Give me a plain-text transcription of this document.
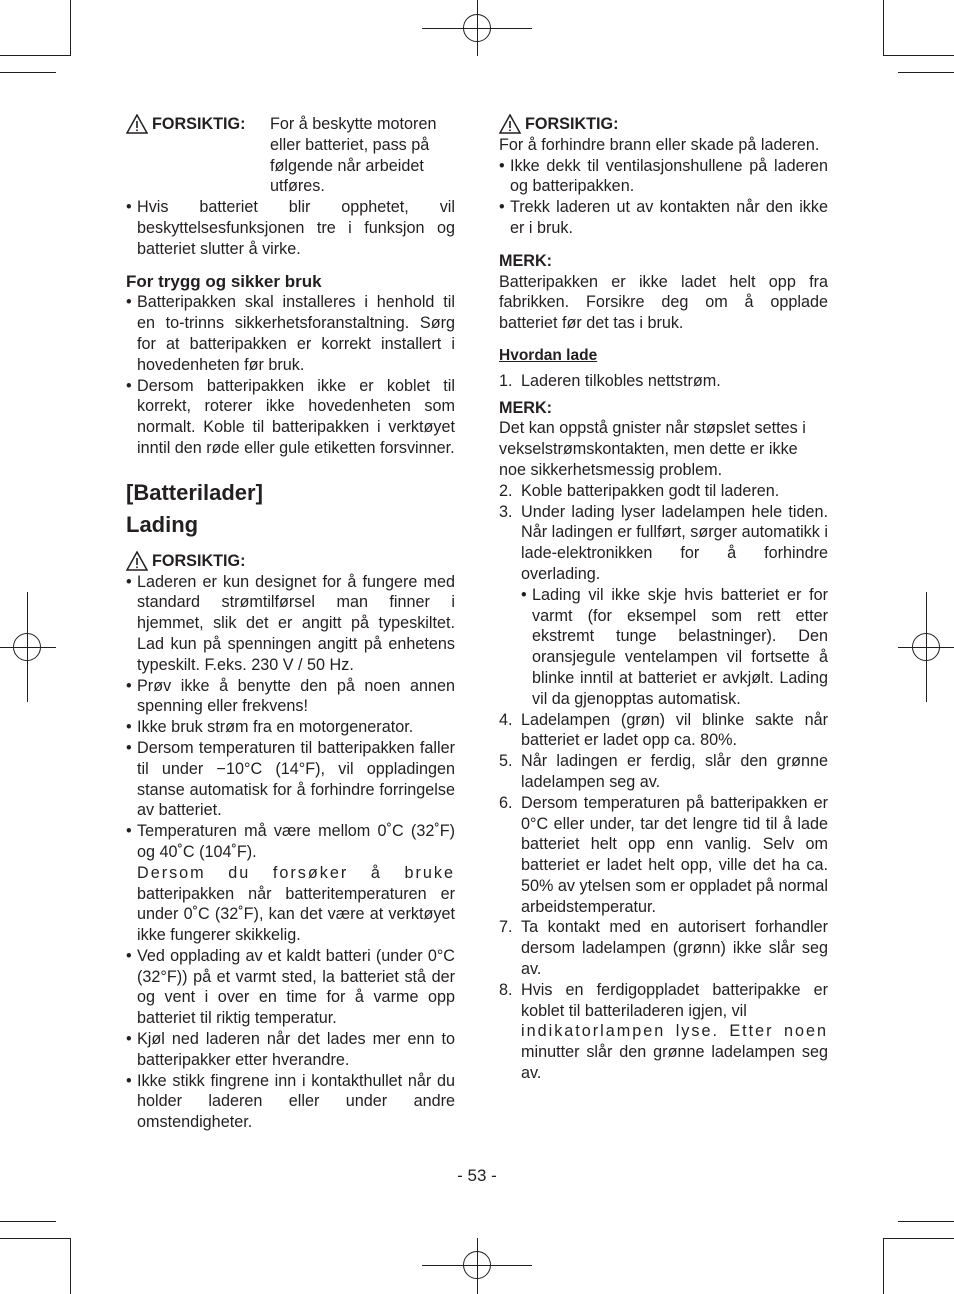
FORSIKTIG: For å beskytte motoren eller batteriet, pass på følgende når arbeidet utføres.
• Hvis batteriet blir opphetet, vil beskyttelsesfunksjonen tre i funksjon og batteriet slutter å virke.
For trygg og sikker bruk
• Batteripakken skal installeres i henhold til en to-trinns sikkerhetsforanstaltning. Sørg for at batteripakken er korrekt installert i hovedenheten før bruk.
• Dersom batteripakken ikke er koblet til korrekt, roterer ikke hovedenheten som normalt. Koble til batteripakken i verktøyet inntil den røde eller gule etiketten forsvinner.
[Batterilader]
Lading
FORSIKTIG:
• Laderen er kun designet for å fungere med standard strømtilførsel man finner i hjemmet, slik det er angitt på typeskiltet. Lad kun på spenningen angitt på enhetens typeskilt. F.eks. 230 V / 50 Hz.
• Prøv ikke å benytte den på noen annen spenning eller frekvens!
• Ikke bruk strøm fra en motorgenerator.
• Dersom temperaturen til batteripakken faller til under −10°C (14°F), vil oppladingen stanse automatisk for å forhindre forringelse av batteriet.
• Temperaturen må være mellom 0˚C (32˚F) og 40˚C (104˚F).
Dersom du forsøker å bruke
batteripakken når batteritemperaturen er under 0˚C (32˚F), kan det være at verktøyet ikke fungerer skikkelig.
• Ved opplading av et kaldt batteri (under 0°C (32°F)) på et varmt sted, la batteriet stå der og vent i over en time for å varme opp batteriet til riktig temperatur.
• Kjøl ned laderen når det lades mer enn to batteripakker etter hverandre.
• Ikke stikk fingrene inn i kontakthullet når du holder laderen eller under andre omstendigheter.
FORSIKTIG:
For å forhindre brann eller skade på laderen.
• Ikke dekk til ventilasjonshullene på laderen og batteripakken.
• Trekk laderen ut av kontakten når den ikke er i bruk.
MERK:
Batteripakken er ikke ladet helt opp fra fabrikken. Forsikre deg om å opplade batteriet før det tas i bruk.
Hvordan lade
1. Laderen tilkobles nettstrøm.
MERK:
Det kan oppstå gnister når støpslet settes i vekselstrømskontakten, men dette er ikke noe sikkerhetsmessig problem.
2. Koble batteripakken godt til laderen.
3. Under lading lyser ladelampen hele tiden. Når ladingen er fullført, sørger automatikk i lade-elektronikken for å forhindre overlading.
• Lading vil ikke skje hvis batteriet er for varmt (for eksempel som rett etter ekstremt tunge belastninger). Den oransjegule ventelampen vil fortsette å blinke inntil at batteriet er avkjølt. Lading vil da gjenopptas automatisk.
4. Ladelampen (grøn) vil blinke sakte når batteriet er ladet opp ca. 80%.
5. Når ladingen er ferdig, slår den grønne ladelampen seg av.
6. Dersom temperaturen på batteripakken er 0°C eller under, tar det lengre tid til å lade batteriet helt opp enn vanlig. Selv om batteriet er ladet helt opp, ville det ha ca. 50% av ytelsen som er oppladet på normal arbeidstemperatur.
7. Ta kontakt med en autorisert forhandler dersom ladelampen (grønn) ikke slår seg av.
8. Hvis en ferdigoppladet batteripakke er koblet til batteriladeren igjen, vil
indikatorlampen lyse. Etter noen
minutter slår den grønne ladelampen seg av.
- 53 -
